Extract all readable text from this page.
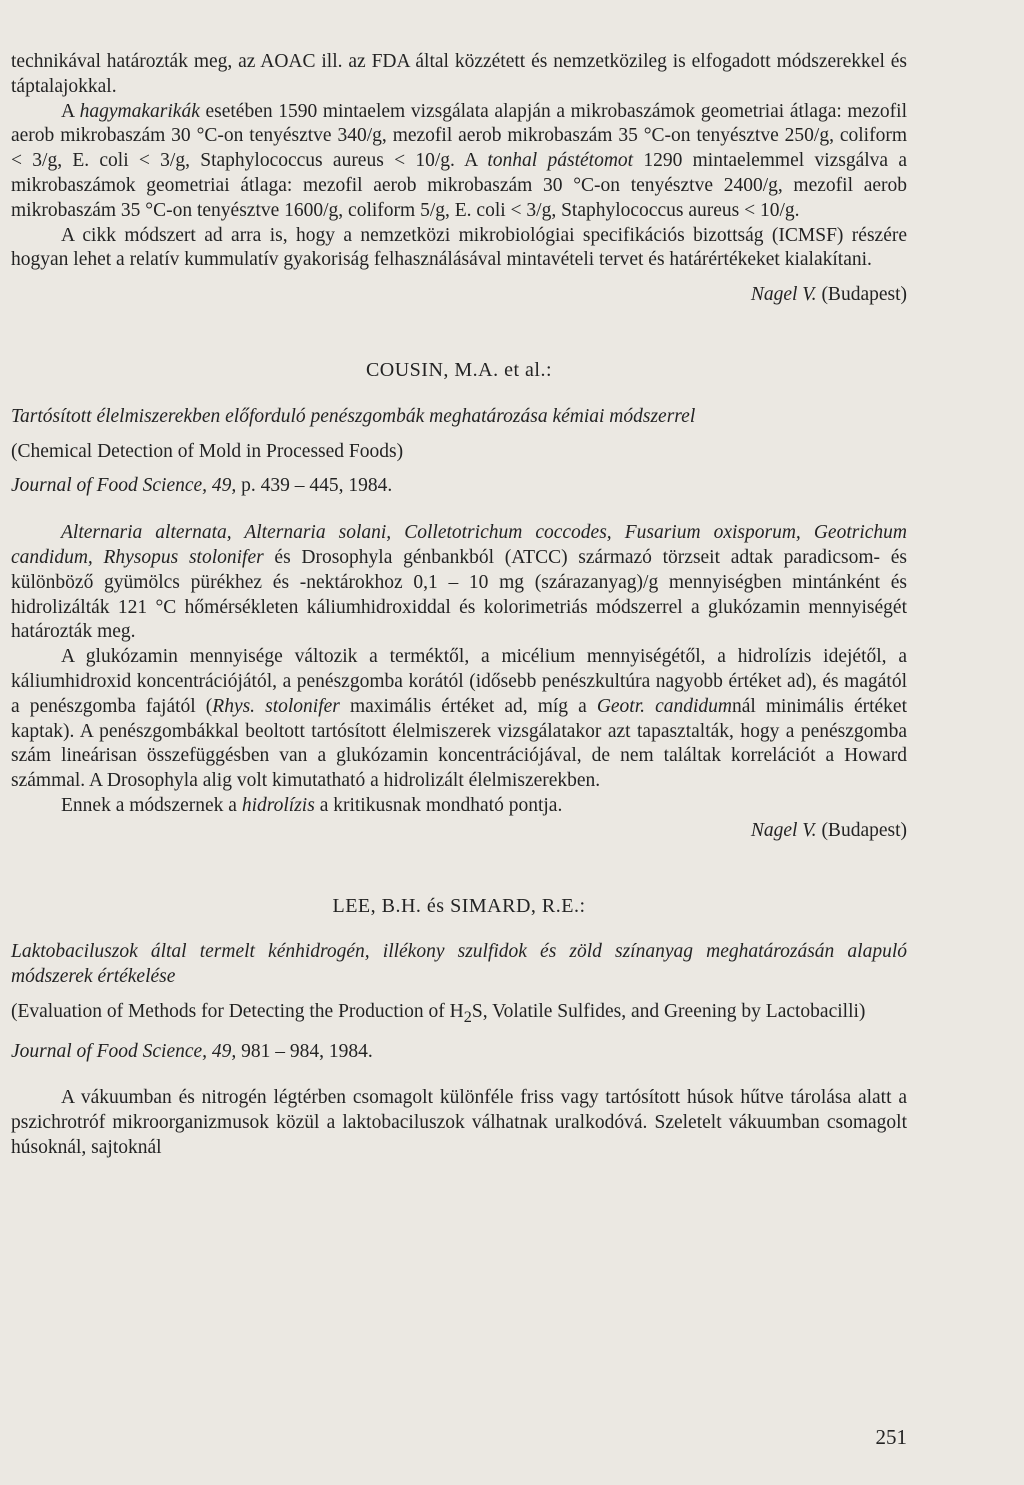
technikával határozták meg, az AOAC ill. az FDA által közzétett és nemzetközileg is elfogadott módszerekkel és táptalajokkal.

A hagymakarikák esetében 1590 mintaelem vizsgálata alapján a mikrobaszámok geometriai átlaga: mezofil aerob mikrobaszám 30 °C-on tenyésztve 340/g, mezofil aerob mikrobaszám 35 °C-on tenyésztve 250/g, coliform < 3/g, E. coli < 3/g, Staphylococcus aureus < 10/g. A tonhal pástétomot 1290 mintaelemmel vizsgálva a mikrobaszámok geometriai átlaga: mezofil aerob mikrobaszám 30 °C-on tenyésztve 2400/g, mezofil aerob mikrobaszám 35 °C-on tenyésztve 1600/g, coliform 5/g, E. coli < 3/g, Staphylococcus aureus < 10/g.

A cikk módszert ad arra is, hogy a nemzetközi mikrobiológiai specifikációs bizottság (ICMSF) részére hogyan lehet a relatív kummulatív gyakoriság felhasználásával mintavételi tervet és határértékeket kialakítani.

Nagel V. (Budapest)

COUSIN, M.A. et al.:

Tartósított élelmiszerekben előforduló penészgombák meghatározása kémiai módszerrel

(Chemical Detection of Mold in Processed Foods)

Journal of Food Science, 49, p. 439 – 445, 1984.

Alternaria alternata, Alternaria solani, Colletotrichum coccodes, Fusarium oxisporum, Geotrichum candidum, Rhysopus stolonifer és Drosophyla génbankból (ATCC) származó törzseit adtak paradicsom- és különböző gyümölcs pürékhez és -nektárokhoz 0,1 – 10 mg (szárazanyag)/g mennyiségben mintánként és hidrolizálták 121 °C hőmérsékleten káliumhidroxiddal és kolorimetriás módszerrel a glukózamin mennyiségét határozták meg.

A glukózamin mennyisége változik a terméktől, a micélium mennyiségétől, a hidrolízis idejétől, a káliumhidroxid koncentrációjától, a penészgomba korától (idősebb penészkultúra nagyobb értéket ad), és magától a penészgomba fajától (Rhys. stolonifer maximális értéket ad, míg a Geotr. candidumnál minimális értéket kaptak). A penészgombákkal beoltott tartósított élelmiszerek vizsgálatakor azt tapasztalták, hogy a penészgomba szám lineárisan összefüggésben van a glukózamin koncentrációjával, de nem találtak korrelációt a Howard számmal. A Drosophyla alig volt kimutatható a hidrolizált élelmiszerekben.

Ennek a módszernek a hidrolízis a kritikusnak mondható pontja.

Nagel V. (Budapest)

LEE, B.H. és SIMARD, R.E.:

Laktobaciluszok által termelt kénhidrogén, illékony szulfidok és zöld színanyag meghatározásán alapuló módszerek értékelése

(Evaluation of Methods for Detecting the Production of $H_2S$, Volatile Sulfides, and Greening by Lactobacilli)

Journal of Food Science, 49, 981 – 984, 1984.

A vákuumban és nitrogén légtérben csomagolt különféle friss vagy tartósított húsok hűtve tárolása alatt a pszichrotróf mikroorganizmusok közül a laktobaciluszok válhatnak uralkodóvá. Szeletelt vákuumban csomagolt húsoknál, sajtoknál

251
